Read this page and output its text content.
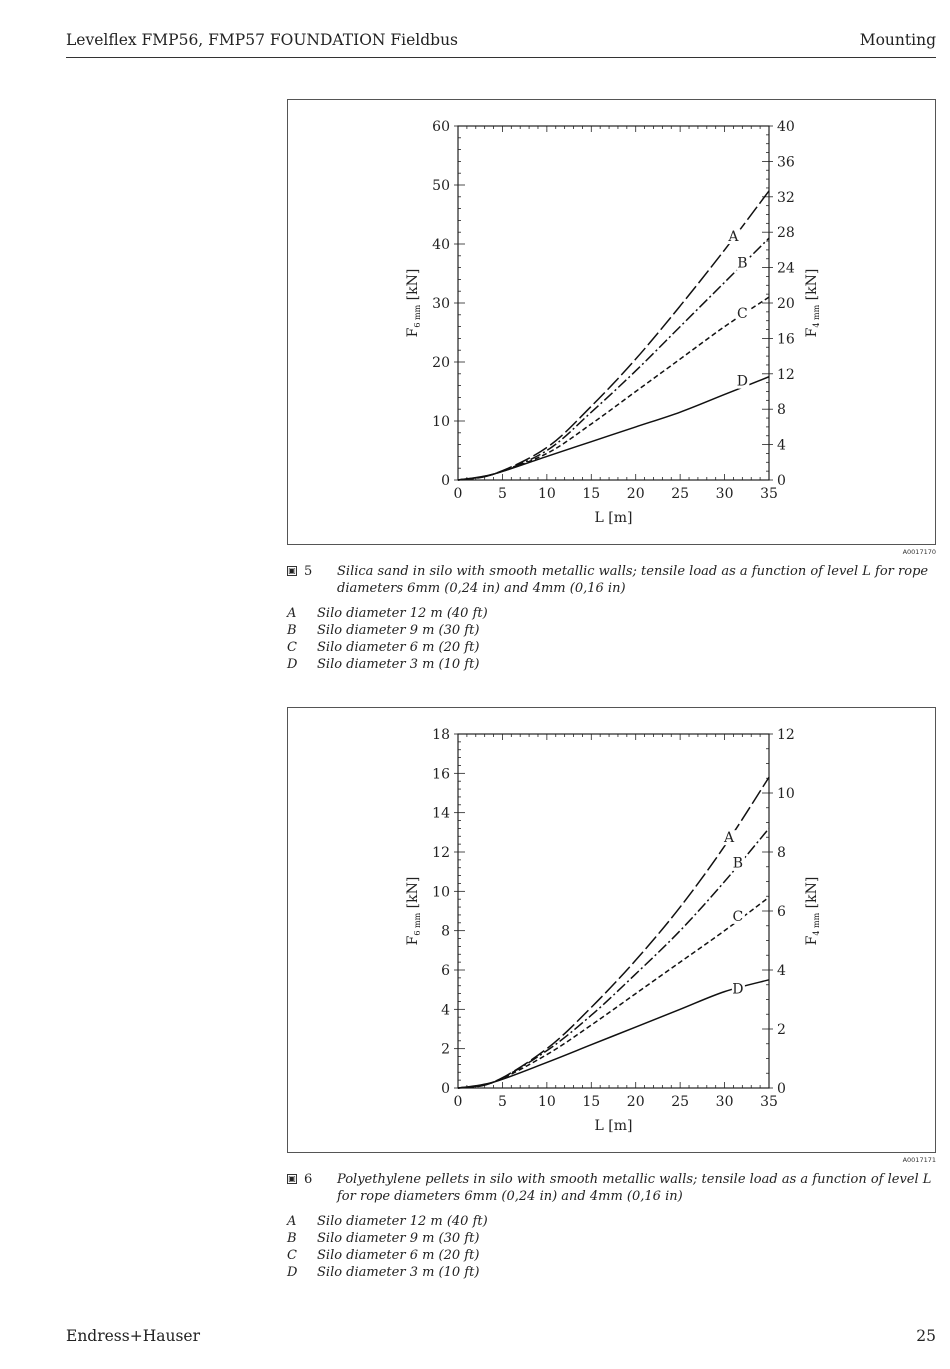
Levelflex FMP56, FMP57 FOUNDATION Fieldbus	Mounting
0	5 10 15 20 25 30 35
0
10
20
30
40
50
60
0
4
8
12
16
20
24
28
32
36
40
L [m]
$F_{6 mm}$ [kN]
$F_{4 mm}$ [kN]
A
B
C
D
A0017170
▣ 5 Silica sand in silo with smooth metallic walls; tensile load as a function of level L for rope diameters 6mm (0,24 in) and 4mm (0,16 in)
A Silo diameter 12 m (40 ft)
B Silo diameter 9 m (30 ft)
C Silo diameter 6 m (20 ft)
D Silo diameter 3 m (10 ft)
0	5 10 15 20 25 30 35
0
2
4
6
8
10
12
14
16
18
0
2
4
6
8
10
12
L [m]
$F_{6 mm}$ [kN]
$F_{4 mm}$ [kN]
A
B
C
D
A0017171
▣ 6 Polyethylene pellets in silo with smooth metallic walls; tensile load as a function of level L for rope diameters 6mm (0,24 in) and 4mm (0,16 in)
A Silo diameter 12 m (40 ft)
B Silo diameter 9 m (30 ft)
C Silo diameter 6 m (20 ft)
D Silo diameter 3 m (10 ft)
Endress+Hauser	25
